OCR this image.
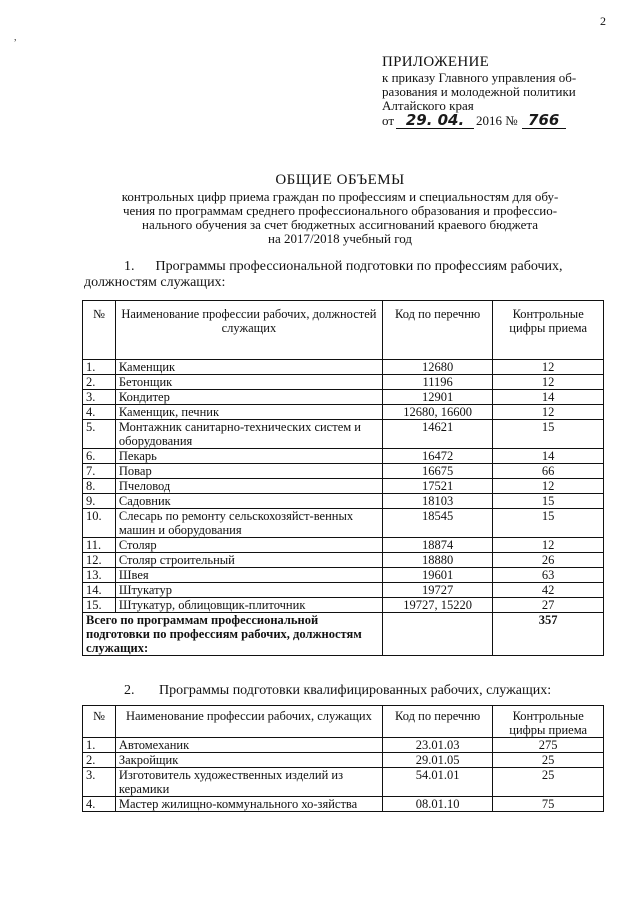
2
,
ПРИЛОЖЕНИЕ
к приказу Главного управления об-
разования и молодежной политики
Алтайского края
от 29. 04. 2016 № 766
ОБЩИЕ ОБЪЕМЫ
контрольных цифр приема граждан по профессиям и специальностям для обу-
чения по программам среднего профессионального образования и профессио-
нального обучения за счет бюджетных ассигнований краевого бюджета
на 2017/2018 учебный год
1. Программы профессиональной подготовки по профессиям рабочих,
должностям служащих:
№	Наименование профессии рабочих, должностей служащих	Код по перечню	Контрольные цифры приема
1.	Каменщик	12680	12
2.	Бетонщик	11196	12
3.	Кондитер	12901	14
4.	Каменщик, печник	12680, 16600	12
5.	Монтажник санитарно-технических систем и оборудования	14621	15
6.	Пекарь	16472	14
7.	Повар	16675	66
8.	Пчеловод	17521	12
9.	Садовник	18103	15
10.	Слесарь по ремонту сельскохозяйст-венных машин и оборудования	18545	15
11.	Столяр	18874	12
12.	Столяр строительный	18880	26
13.	Швея	19601	63
14.	Штукатур	19727	42
15.	Штукатур, облицовщик-плиточник	19727, 15220	27
Всего по программам профессиональной подготовки по профессиям рабочих, должностям служащих:			357
2. Программы подготовки квалифицированных рабочих, служащих:
№	Наименование профессии рабочих, служащих	Код по перечню	Контрольные цифры приема
1.	Автомеханик	23.01.03	275
2.	Закройщик	29.01.05	25
3.	Изготовитель художественных изделий из керамики	54.01.01	25
4.	Мастер жилищно-коммунального хо-зяйства	08.01.10	75
